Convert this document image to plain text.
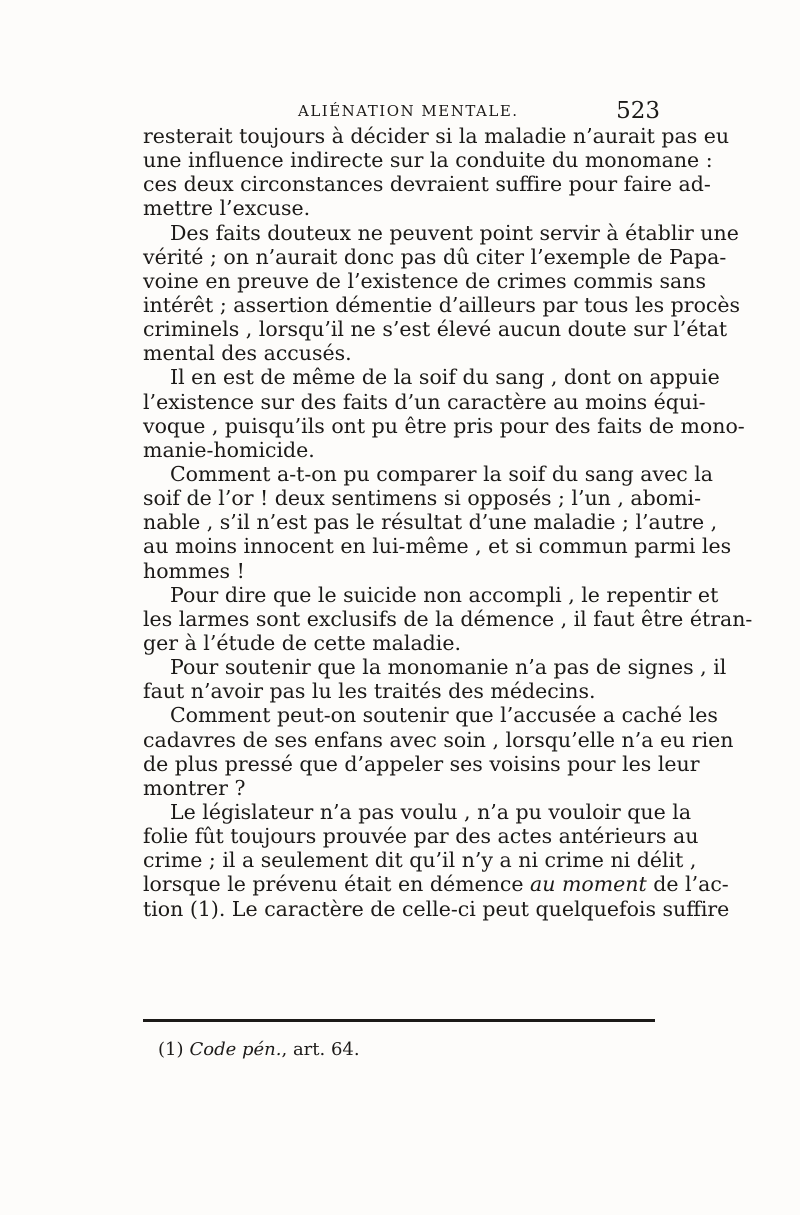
ALIÉNATION MENTALE.	523
resterait toujours à décider si la maladie n’aurait pas eu
une influence indirecte sur la conduite du monomane :
ces deux circonstances devraient suffire pour faire ad-
mettre l’excuse.
Des faits douteux ne peuvent point servir à établir une
vérité ; on n’aurait donc pas dû citer l’exemple de Papa-
voine en preuve de l’existence de crimes commis sans
intérêt ; assertion démentie d’ailleurs par tous les procès
criminels , lorsqu’il ne s’est élevé aucun doute sur l’état
mental des accusés.
Il en est de même de la soif du sang , dont on appuie
l’existence sur des faits d’un caractère au moins équi-
voque , puisqu’ils ont pu être pris pour des faits de mono-
manie-homicide.
Comment a-t-on pu comparer la soif du sang avec la
soif de l’or ! deux sentimens si opposés ; l’un , abomi-
nable , s’il n’est pas le résultat d’une maladie ; l’autre ,
au moins innocent en lui-même , et si commun parmi les
hommes !
Pour dire que le suicide non accompli , le repentir et
les larmes sont exclusifs de la démence , il faut être étran-
ger à l’étude de cette maladie.
Pour soutenir que la monomanie n’a pas de signes , il
faut n’avoir pas lu les traités des médecins.
Comment peut-on soutenir que l’accusée a caché les
cadavres de ses enfans avec soin , lorsqu’elle n’a eu rien
de plus pressé que d’appeler ses voisins pour les leur
montrer ?
Le législateur n’a pas voulu , n’a pu vouloir que la
folie fût toujours prouvée par des actes antérieurs au
crime ; il a seulement dit qu’il n’y a ni crime ni délit ,
lorsque le prévenu était en démence au moment de l’ac-
tion (1). Le caractère de celle-ci peut quelquefois suffire
(1) Code pén., art. 64.
